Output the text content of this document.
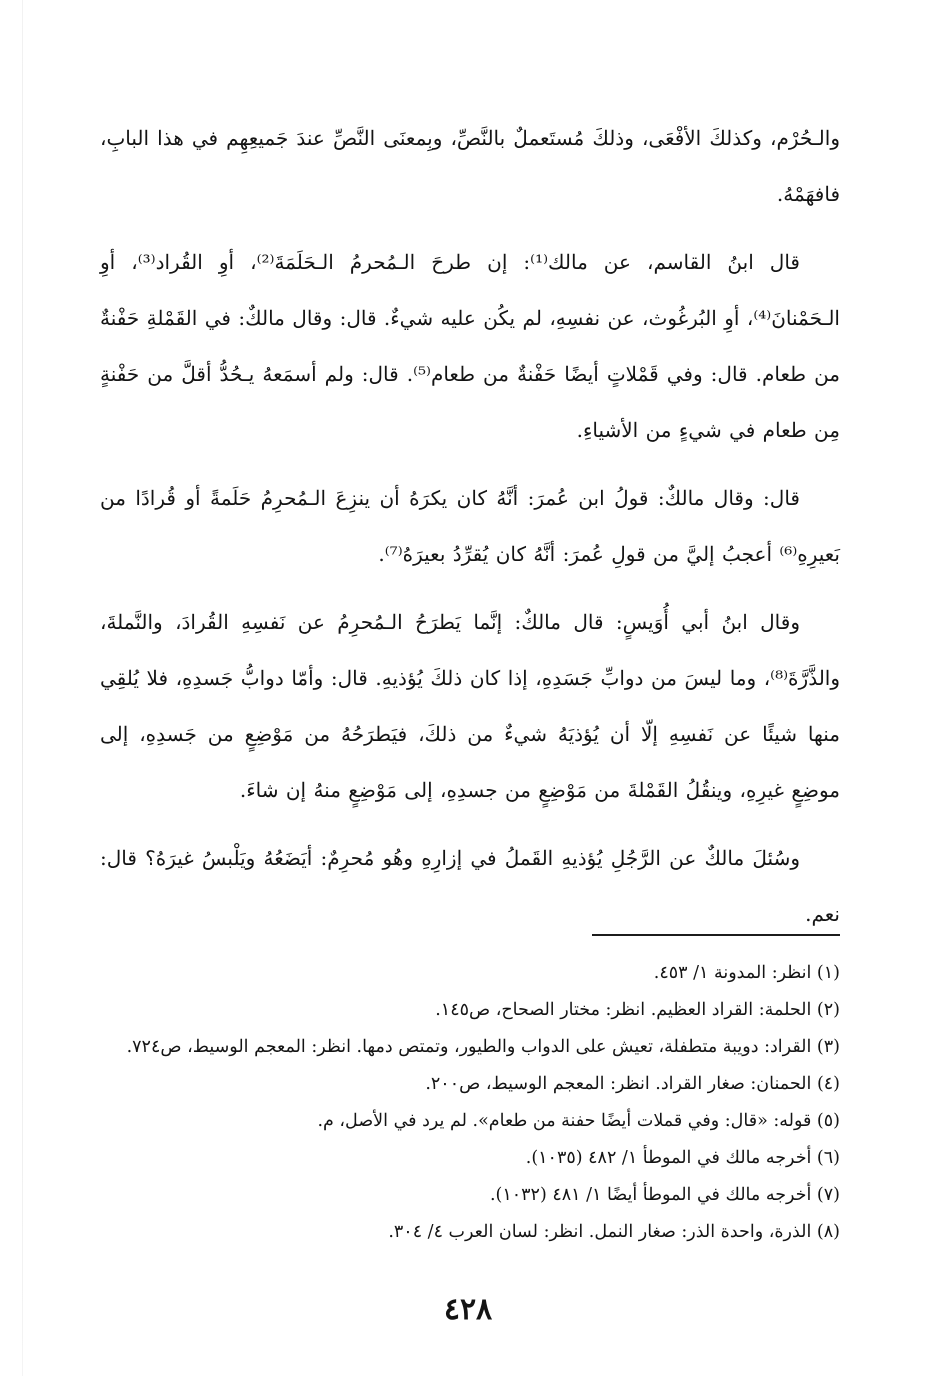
والـحُرْم، وكذلكَ الأفْعَى، وذلكَ مُستَعملٌ بالنَّصِّ، وبِمعنَى النَّصِّ عندَ جَميعِهِم في هذا البابِ، فافهَمْهُ.

قال ابنُ القاسم، عن مالك⁽¹⁾: إن طرحَ الـمُحرمُ الـحَلَمَةَ⁽²⁾، أوِ القُراد⁽³⁾، أوِ الـحَمْنانَ⁽⁴⁾، أوِ البُرغُوث، عن نفسِهِ، لم يكُن عليه شيءٌ. قال: وقال مالكٌ: في القَمْلةِ حَفْنةٌ من طعام. قال: وفي قَمْلاتٍ أيضًا حَفْنةٌ من طعام⁽⁵⁾. قال: ولم أسمَعهُ يـحُدُّ أقلَّ من حَفْنةٍ مِن طعام في شيءٍ من الأشياءِ.

قال: وقال مالكٌ: قولُ ابن عُمرَ: أنَّهُ كان يكرَهُ أن ينزِعَ الـمُحرِمُ حَلَمةً أو قُرادًا من بَعيرِهِ⁽⁶⁾ أعجبُ إليَّ من قولِ عُمرَ: أنَّهُ كان يُقرِّدُ بعيرَهُ⁽⁷⁾.

وقال ابنُ أبي أُوَيسٍ: قال مالكٌ: إنَّما يَطرَحُ الـمُحرِمُ عن نَفسِهِ القُرادَ، والنَّملةَ، والذَّرَّةَ⁽⁸⁾، وما ليسَ من دوابِّ جَسَدِهِ، إذا كان ذلكَ يُؤذيهِ. قال: وأمّا دوابُّ جَسدِهِ، فلا يُلقِي منها شيئًا عن نَفسِهِ إلّا أن يُؤذيَهُ شيءٌ من ذلكَ، فيَطرَحُهُ من مَوْضِعٍ من جَسدِهِ، إلى موضِعٍ غيرِهِ، وينقُلُ القَمْلةَ من مَوْضِعٍ من جسدِهِ، إلى مَوْضِعٍ منهُ إن شاءَ.

وسُئلَ مالكٌ عن الرَّجُلِ يُؤذيهِ القَملُ في إزارِهِ وهُو مُحرِمٌ: أيَضَعُهُ ويَلْبسُ غيرَهُ؟ قال: نعم.

(١) انظر: المدونة ١/ ٤٥٣.
(٢) الحلمة: القراد العظيم. انظر: مختار الصحاح، ص١٤٥.
(٣) القراد: دويبة متطفلة، تعيش على الدواب والطيور، وتمتص دمها. انظر: المعجم الوسيط، ص٧٢٤.
(٤) الحمنان: صغار القراد. انظر: المعجم الوسيط، ص٢٠٠.
(٥) قوله: «قال: وفي قملات أيضًا حفنة من طعام». لم يرد في الأصل، م.
(٦) أخرجه مالك في الموطأ ١/ ٤٨٢ (١٠٣٥).
(٧) أخرجه مالك في الموطأ أيضًا ١/ ٤٨١ (١٠٣٢).
(٨) الذرة، واحدة الذر: صغار النمل. انظر: لسان العرب ٤/ ٣٠٤.
٤٢٨
